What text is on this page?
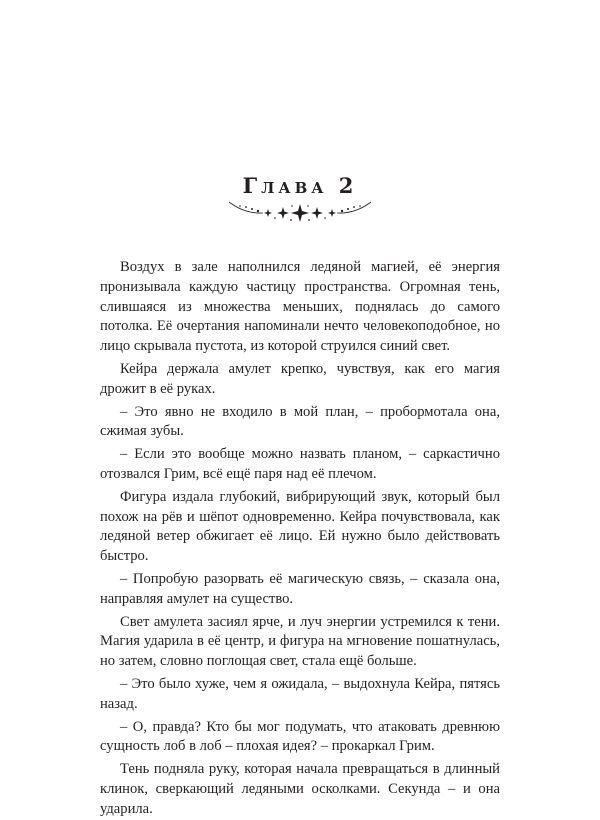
Глава 2

Воздух в зале наполнился ледяной магией, её энергия пронизывала каждую частицу пространства. Огромная тень, слившаяся из множества меньших, поднялась до самого потолка. Её очертания напоминали нечто человекоподобное, но лицо скрывала пустота, из которой струился синий свет.

Кейра держала амулет крепко, чувствуя, как его магия дрожит в её руках.

– Это явно не входило в мой план, – пробормотала она, сжимая зубы.

– Если это вообще можно назвать планом, – саркастично отозвался Грим, всё ещё паря над её плечом.

Фигура издала глубокий, вибрирующий звук, который был похож на рёв и шёпот одновременно. Кейра почувствовала, как ледяной ветер обжигает её лицо. Ей нужно было действовать быстро.

– Попробую разорвать её магическую связь, – сказала она, направляя амулет на существо.

Свет амулета засиял ярче, и луч энергии устремился к тени. Магия ударила в её центр, и фигура на мгновение пошатнулась, но затем, словно поглощая свет, стала ещё больше.

– Это было хуже, чем я ожидала, – выдохнула Кейра, пятясь назад.

– О, правда? Кто бы мог подумать, что атаковать древнюю сущность лоб в лоб – плохая идея? – прокаркал Грим.

Тень подняла руку, которая начала превращаться в длинный клинок, сверкающий ледяными осколками. Секунда – и она ударила.
